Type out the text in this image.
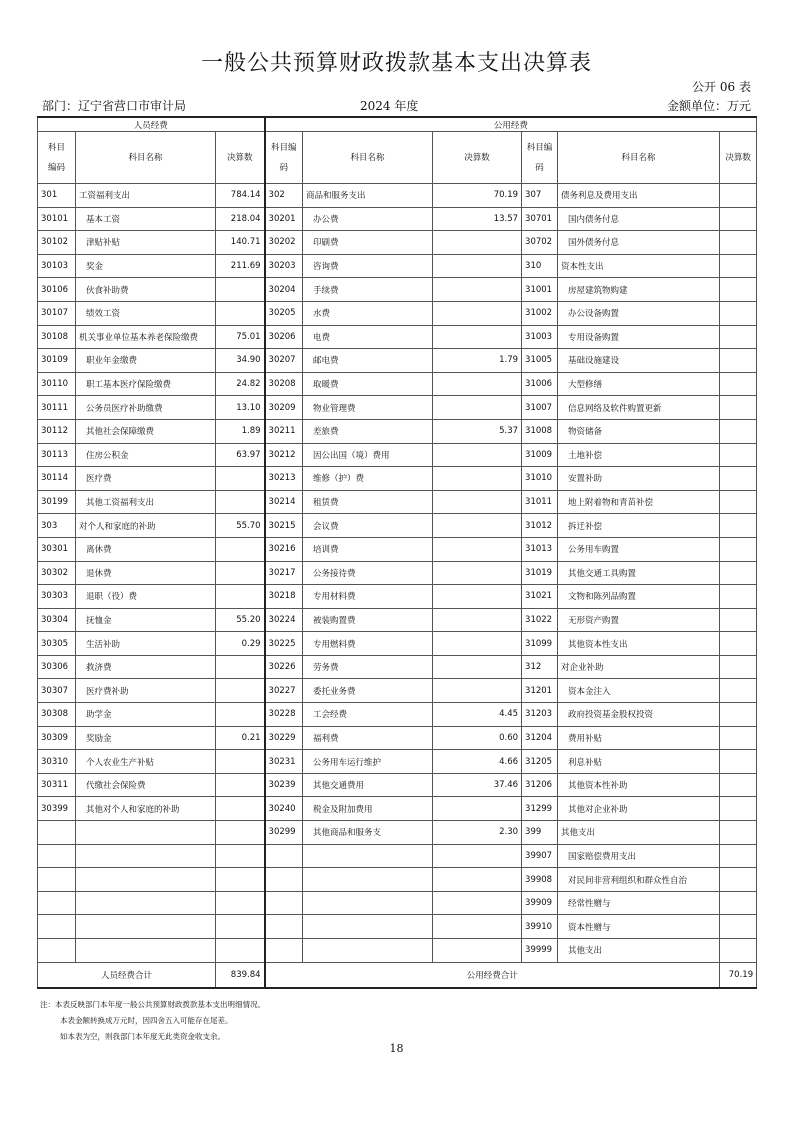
一般公共预算财政拨款基本支出决算表
公开 06 表
部门：辽宁省营口市审计局	2024 年度	金额单位：万元
人员经费			公用经费					
科目
编码	科目名称	决算数	科目编码	科目名称	决算数	科目编码	科目名称	决算数
301	工资福利支出	784.14	302	商品和服务支出	70.19	307	债务利息及费用支出	
30101	基本工资	218.04	30201	办公费	13.57	30701	国内债务付息	
30102	津贴补贴	140.71	30202	印刷费		30702	国外债务付息	
30103	奖金	211.69	30203	咨询费		310	资本性支出	
30106	伙食补助费		30204	手续费		31001	房屋建筑物购建	
30107	绩效工资		30205	水费		31002	办公设备购置	
30108	机关事业单位基本养老保险缴费	75.01	30206	电费		31003	专用设备购置	
30109	职业年金缴费	34.90	30207	邮电费	1.79	31005	基础设施建设	
30110	职工基本医疗保险缴费	24.82	30208	取暖费		31006	大型修缮	
30111	公务员医疗补助缴费	13.10	30209	物业管理费		31007	信息网络及软件购置更新	
30112	其他社会保障缴费	1.89	30211	差旅费	5.37	31008	物资储备	
30113	住房公积金	63.97	30212	因公出国（境）费用		31009	土地补偿	
30114	医疗费		30213	维修（护）费		31010	安置补助	
30199	其他工资福利支出		30214	租赁费		31011	地上附着物和青苗补偿	
303	对个人和家庭的补助	55.70	30215	会议费		31012	拆迁补偿	
30301	离休费		30216	培训费		31013	公务用车购置	
30302	退休费		30217	公务接待费		31019	其他交通工具购置	
30303	退职（役）费		30218	专用材料费		31021	文物和陈列品购置	
30304	抚恤金	55.20	30224	被装购置费		31022	无形资产购置	
30305	生活补助	0.29	30225	专用燃料费		31099	其他资本性支出	
30306	救济费		30226	劳务费		312	对企业补助	
30307	医疗费补助		30227	委托业务费		31201	资本金注入	
30308	助学金		30228	工会经费	4.45	31203	政府投资基金股权投资	
30309	奖励金	0.21	30229	福利费	0.60	31204	费用补贴	
30310	个人农业生产补贴		30231	公务用车运行维护	4.66	31205	利息补贴	
30311	代缴社会保险费		30239	其他交通费用	37.46	31206	其他资本性补助	
30399	其他对个人和家庭的补助		30240	税金及附加费用		31299	其他对企业补助	
			30299	其他商品和服务支	2.30	399	其他支出	
						39907	国家赔偿费用支出	
						39908	对民间非营利组织和群众性自治	
						39909	经常性赠与	
						39910	资本性赠与	
						39999	其他支出	
人员经费合计		839.84	公用经费合计					70.19
注：本表反映部门本年度一般公共预算财政拨款基本支出明细情况。
本表金额转换成万元时，因四舍五入可能存在尾差。
如本表为空，则我部门本年度无此类资金收支余。
18
